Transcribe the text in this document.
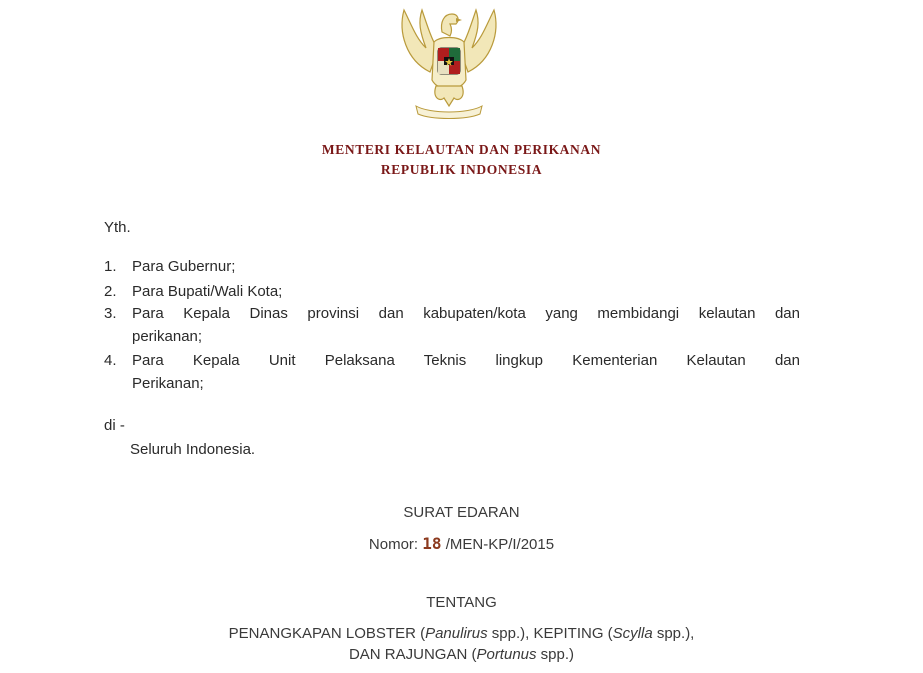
MENTERI KELAUTAN DAN PERIKANAN
REPUBLIK INDONESIA
Yth.
1. Para Gubernur;
2. Para Bupati/Wali Kota;
3. Para Kepala Dinas provinsi dan kabupaten/kota yang membidangi kelautan dan
perikanan;
4. Para Kepala Unit Pelaksana Teknis lingkup Kementerian Kelautan dan
Perikanan;
di -
Seluruh Indonesia.
SURAT EDARAN
Nomor: 18 /MEN-KP/I/2015
TENTANG
PENANGKAPAN LOBSTER (Panulirus spp.), KEPITING (Scylla spp.),
DAN RAJUNGAN (Portunus spp.)
